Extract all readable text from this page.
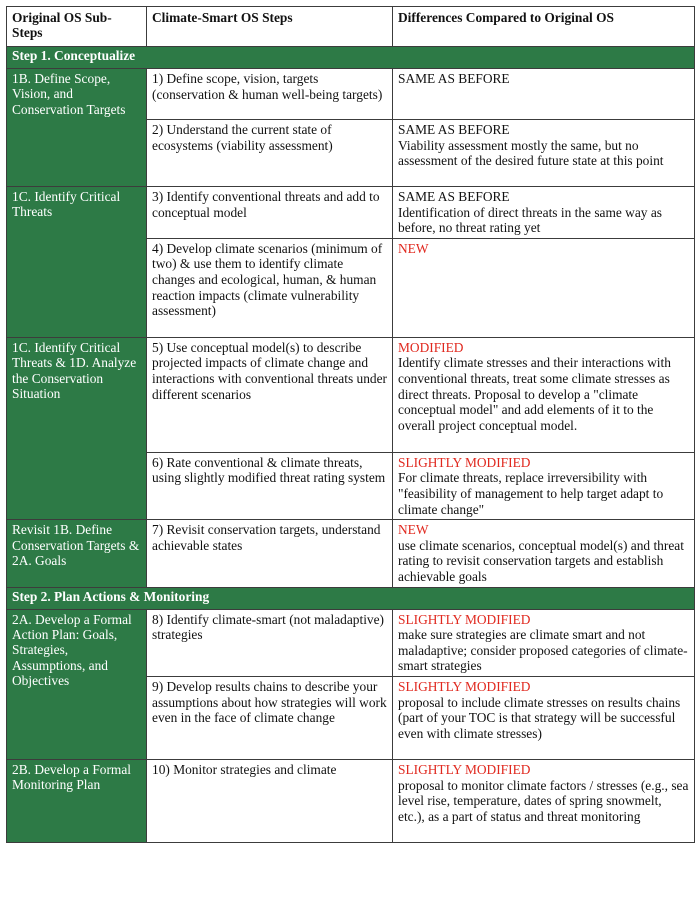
Original OS Sub-Steps	Climate-Smart OS Steps	Differences Compared to Original OS
Step 1. Conceptualize		
1B. Define Scope, Vision, and Conservation Targets	1) Define scope, vision, targets (conservation & human well-being targets)	SAME AS BEFORE

	2) Understand the current state of ecosystems (viability assessment)	SAME AS BEFORE
Viability assessment mostly the same, but no assessment of the desired future state at this point

1C. Identify Critical Threats	3) Identify conventional threats and add to conceptual model	SAME AS BEFORE
Identification of direct threats in the same way as before, no threat rating yet

	4) Develop climate scenarios (minimum of two) & use them to identify climate changes and ecological, human, & human reaction impacts (climate vulnerability assessment)	NEW

1C. Identify Critical Threats & 1D. Analyze the Conservation Situation	5) Use conceptual model(s) to describe projected impacts of climate change and interactions with conventional threats under different scenarios	MODIFIED
Identify climate stresses and their interactions with conventional threats, treat some climate stresses as direct threats. Proposal to develop a "climate conceptual model" and add elements of it to the overall project conceptual model.

	6) Rate conventional & climate threats, using slightly modified threat rating system	SLIGHTLY MODIFIED
For climate threats, replace irreversibility with "feasibility of management to help target adapt to climate change"

Revisit 1B. Define Conservation Targets & 2A. Goals	7) Revisit conservation targets, understand achievable states	NEW
use climate scenarios, conceptual model(s) and threat rating to revisit conservation targets and establish achievable goals

Step 2. Plan Actions & Monitoring		
2A. Develop a Formal Action Plan: Goals, Strategies, Assumptions, and Objectives	8) Identify climate-smart (not maladaptive) strategies	SLIGHTLY MODIFIED
make sure strategies are climate smart and not maladaptive; consider proposed categories of climate-smart strategies

	9) Develop results chains to describe your assumptions about how strategies will work even in the face of climate change	SLIGHTLY MODIFIED
proposal to include climate stresses on results chains (part of your TOC is that strategy will be successful even with climate stresses)

2B. Develop a Formal Monitoring Plan	10) Monitor strategies and climate	SLIGHTLY MODIFIED
proposal to monitor climate factors / stresses (e.g., sea level rise, temperature, dates of spring snowmelt, etc.), as a part of status and threat monitoring
